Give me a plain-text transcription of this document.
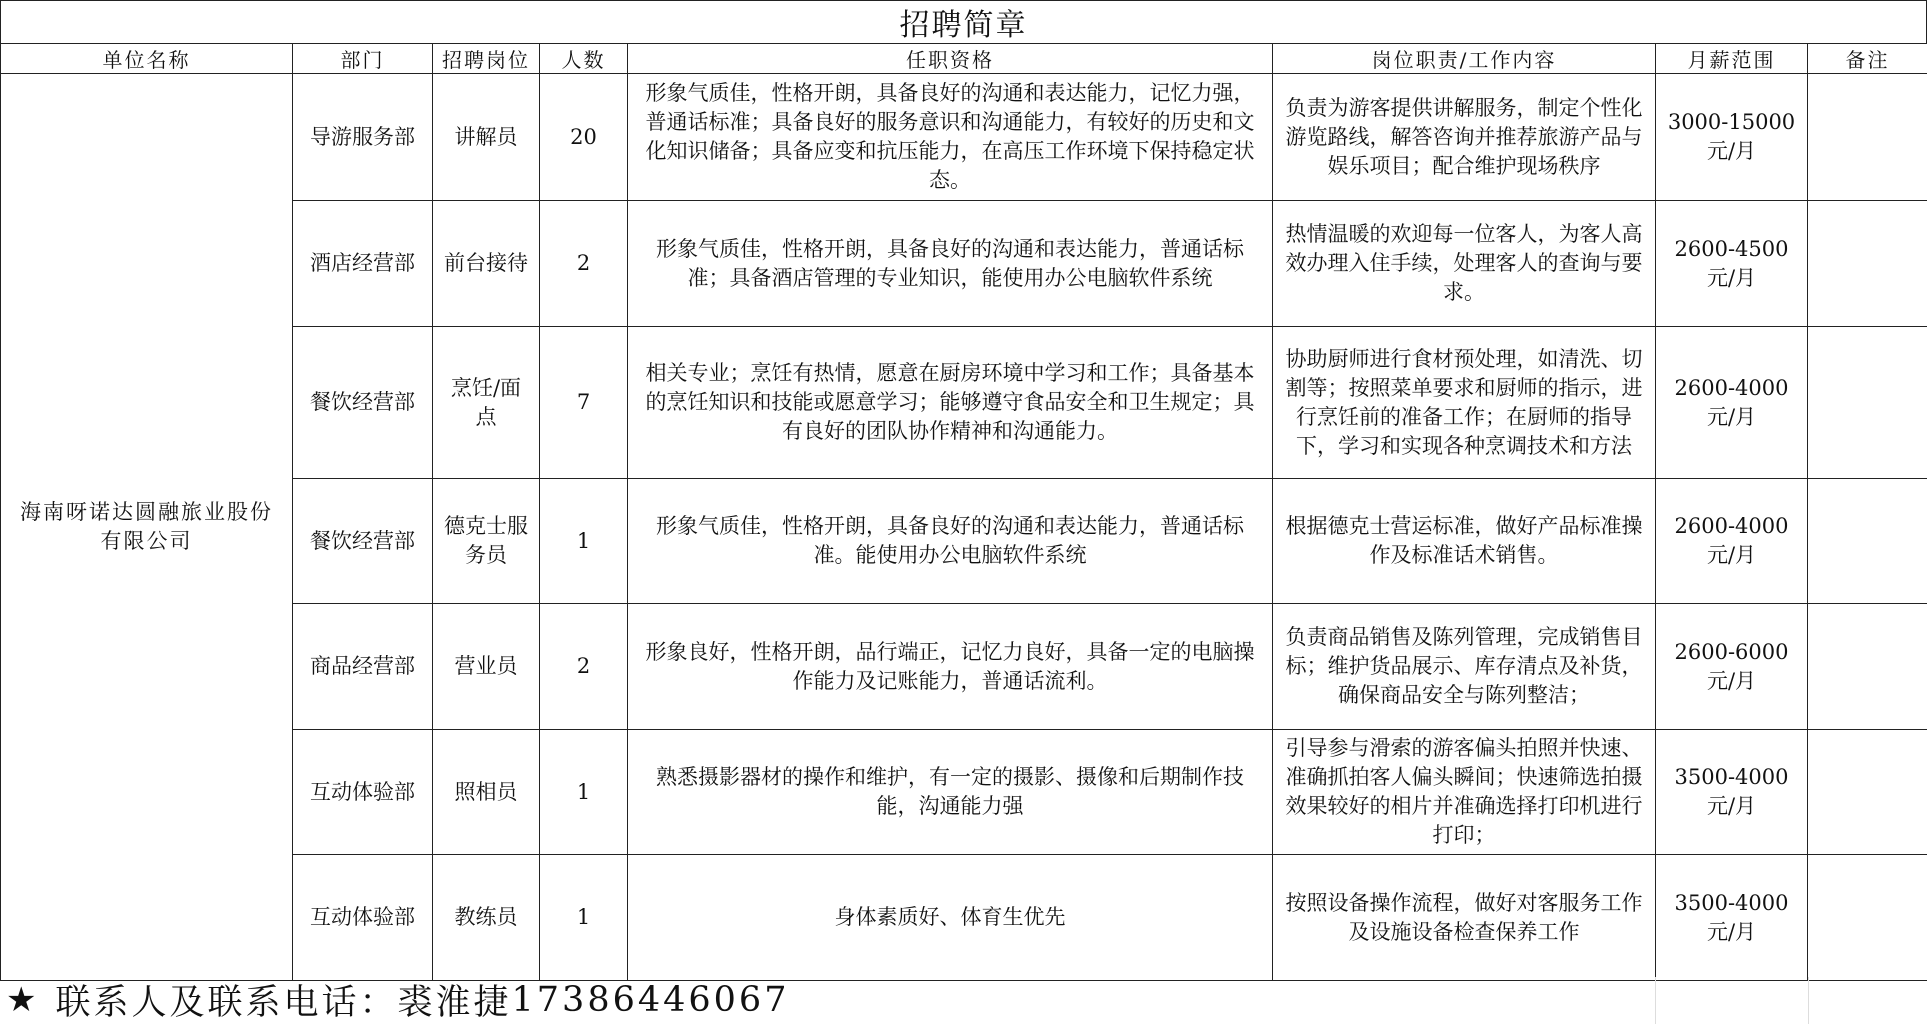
招聘简章
单位名称	部门	招聘岗位	人数	任职资格	岗位职责/工作内容	月薪范围	备注
海南呀诺达圆融旅业股份有限公司	导游服务部	讲解员	20	形象气质佳，性格开朗，具备良好的沟通和表达能力，记忆力强，普通话标准；具备良好的服务意识和沟通能力，有较好的历史和文化知识储备；具备应变和抗压能力，在高压工作环境下保持稳定状态。	负责为游客提供讲解服务，制定个性化游览路线，解答咨询并推荐旅游产品与娱乐项目；配合维护现场秩序	3000-15000元/月	
	酒店经营部	前台接待	2	形象气质佳，性格开朗，具备良好的沟通和表达能力，普通话标准；具备酒店管理的专业知识，能使用办公电脑软件系统	热情温暖的欢迎每一位客人，为客人高效办理入住手续，处理客人的查询与要求。	2600-4500元/月	
	餐饮经营部	烹饪/面点	7	相关专业；烹饪有热情，愿意在厨房环境中学习和工作；具备基本的烹饪知识和技能或愿意学习；能够遵守食品安全和卫生规定；具有良好的团队协作精神和沟通能力。	协助厨师进行食材预处理，如清洗、切割等；按照菜单要求和厨师的指示，进行烹饪前的准备工作；在厨师的指导下，学习和实现各种烹调技术和方法	2600-4000元/月	
	餐饮经营部	德克士服务员	1	形象气质佳，性格开朗，具备良好的沟通和表达能力，普通话标准。能使用办公电脑软件系统	根据德克士营运标准，做好产品标准操作及标准话术销售。	2600-4000元/月	
	商品经营部	营业员	2	形象良好，性格开朗，品行端正，记忆力良好，具备一定的电脑操作能力及记账能力，普通话流利。	负责商品销售及陈列管理，完成销售目标；维护货品展示、库存清点及补货，确保商品安全与陈列整洁；	2600-6000元/月	
	互动体验部	照相员	1	熟悉摄影器材的操作和维护，有一定的摄影、摄像和后期制作技能，沟通能力强	引导参与滑索的游客偏头拍照并快速、准确抓拍客人偏头瞬间；快速筛选拍摄效果较好的相片并准确选择打印机进行打印；	3500-4000元/月	
	互动体验部	教练员	1	身体素质好、体育生优先	按照设备操作流程，做好对客服务工作及设施设备检查保养工作	3500-4000元/月	
★ 联系人及联系电话： 裘淮捷 17386446067
